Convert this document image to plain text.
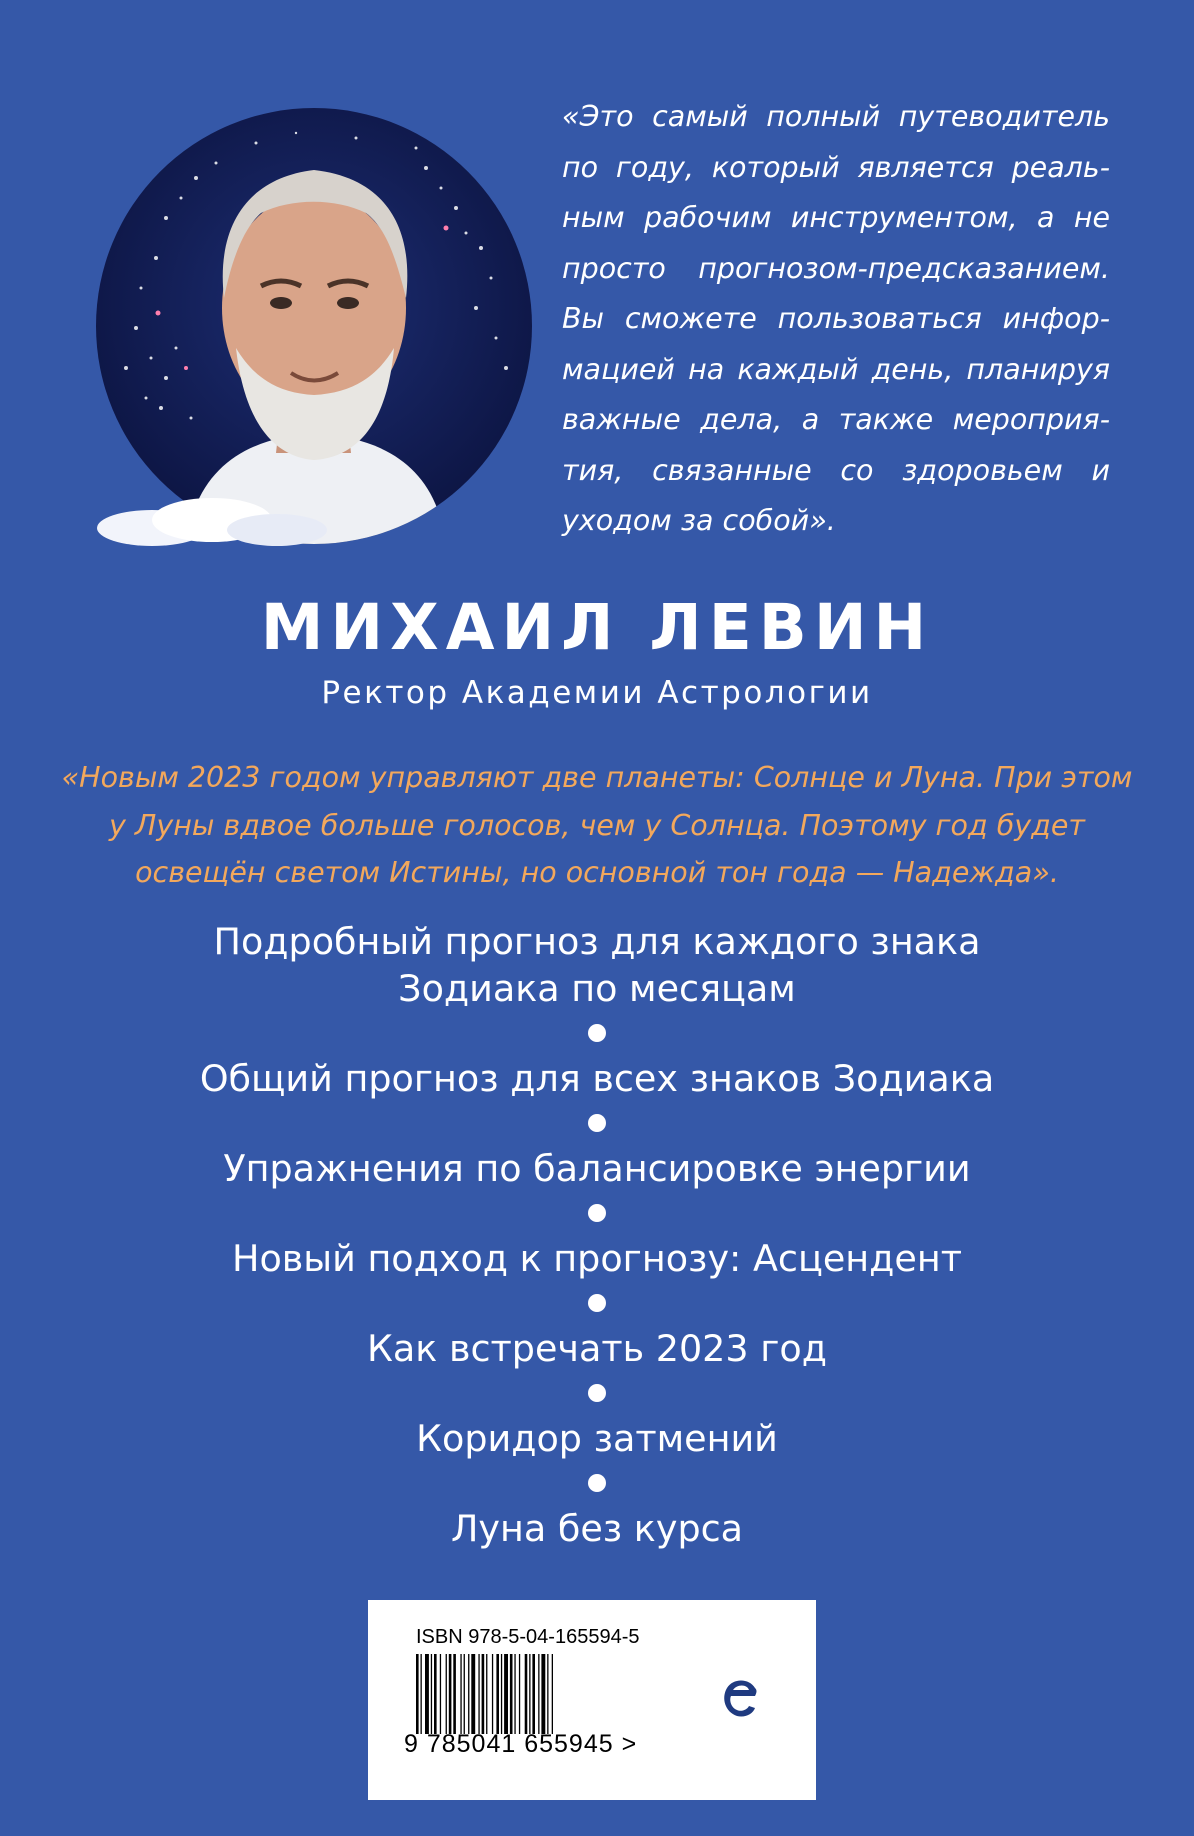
«Это самый полный путеводитель по году, который является реальным рабочим инструментом, а не просто прогнозом-предсказанием. Вы сможете пользоваться информацией на каждый день, планируя важные дела, а также мероприятия, связанные со здоровьем и уходом за собой».

МИХАИЛ ЛЕВИН

Ректор Академии Астрологии

«Новым 2023 годом управляют две планеты: Солнце и Луна. При этом у Луны вдвое больше голосов, чем у Солнца. Поэтому год будет освещён светом Истины, но основной тон года — Надежда».

Подробный прогноз для каждого знака Зодиака по месяцам

Общий прогноз для всех знаков Зодиака

Упражнения по балансировке энергии

Новый подход к прогнозу: Асцендент

Как встречать 2023 год

Коридор затмений

Луна без курса

ISBN 978-5-04-165594-5

9 785041 655945 >
